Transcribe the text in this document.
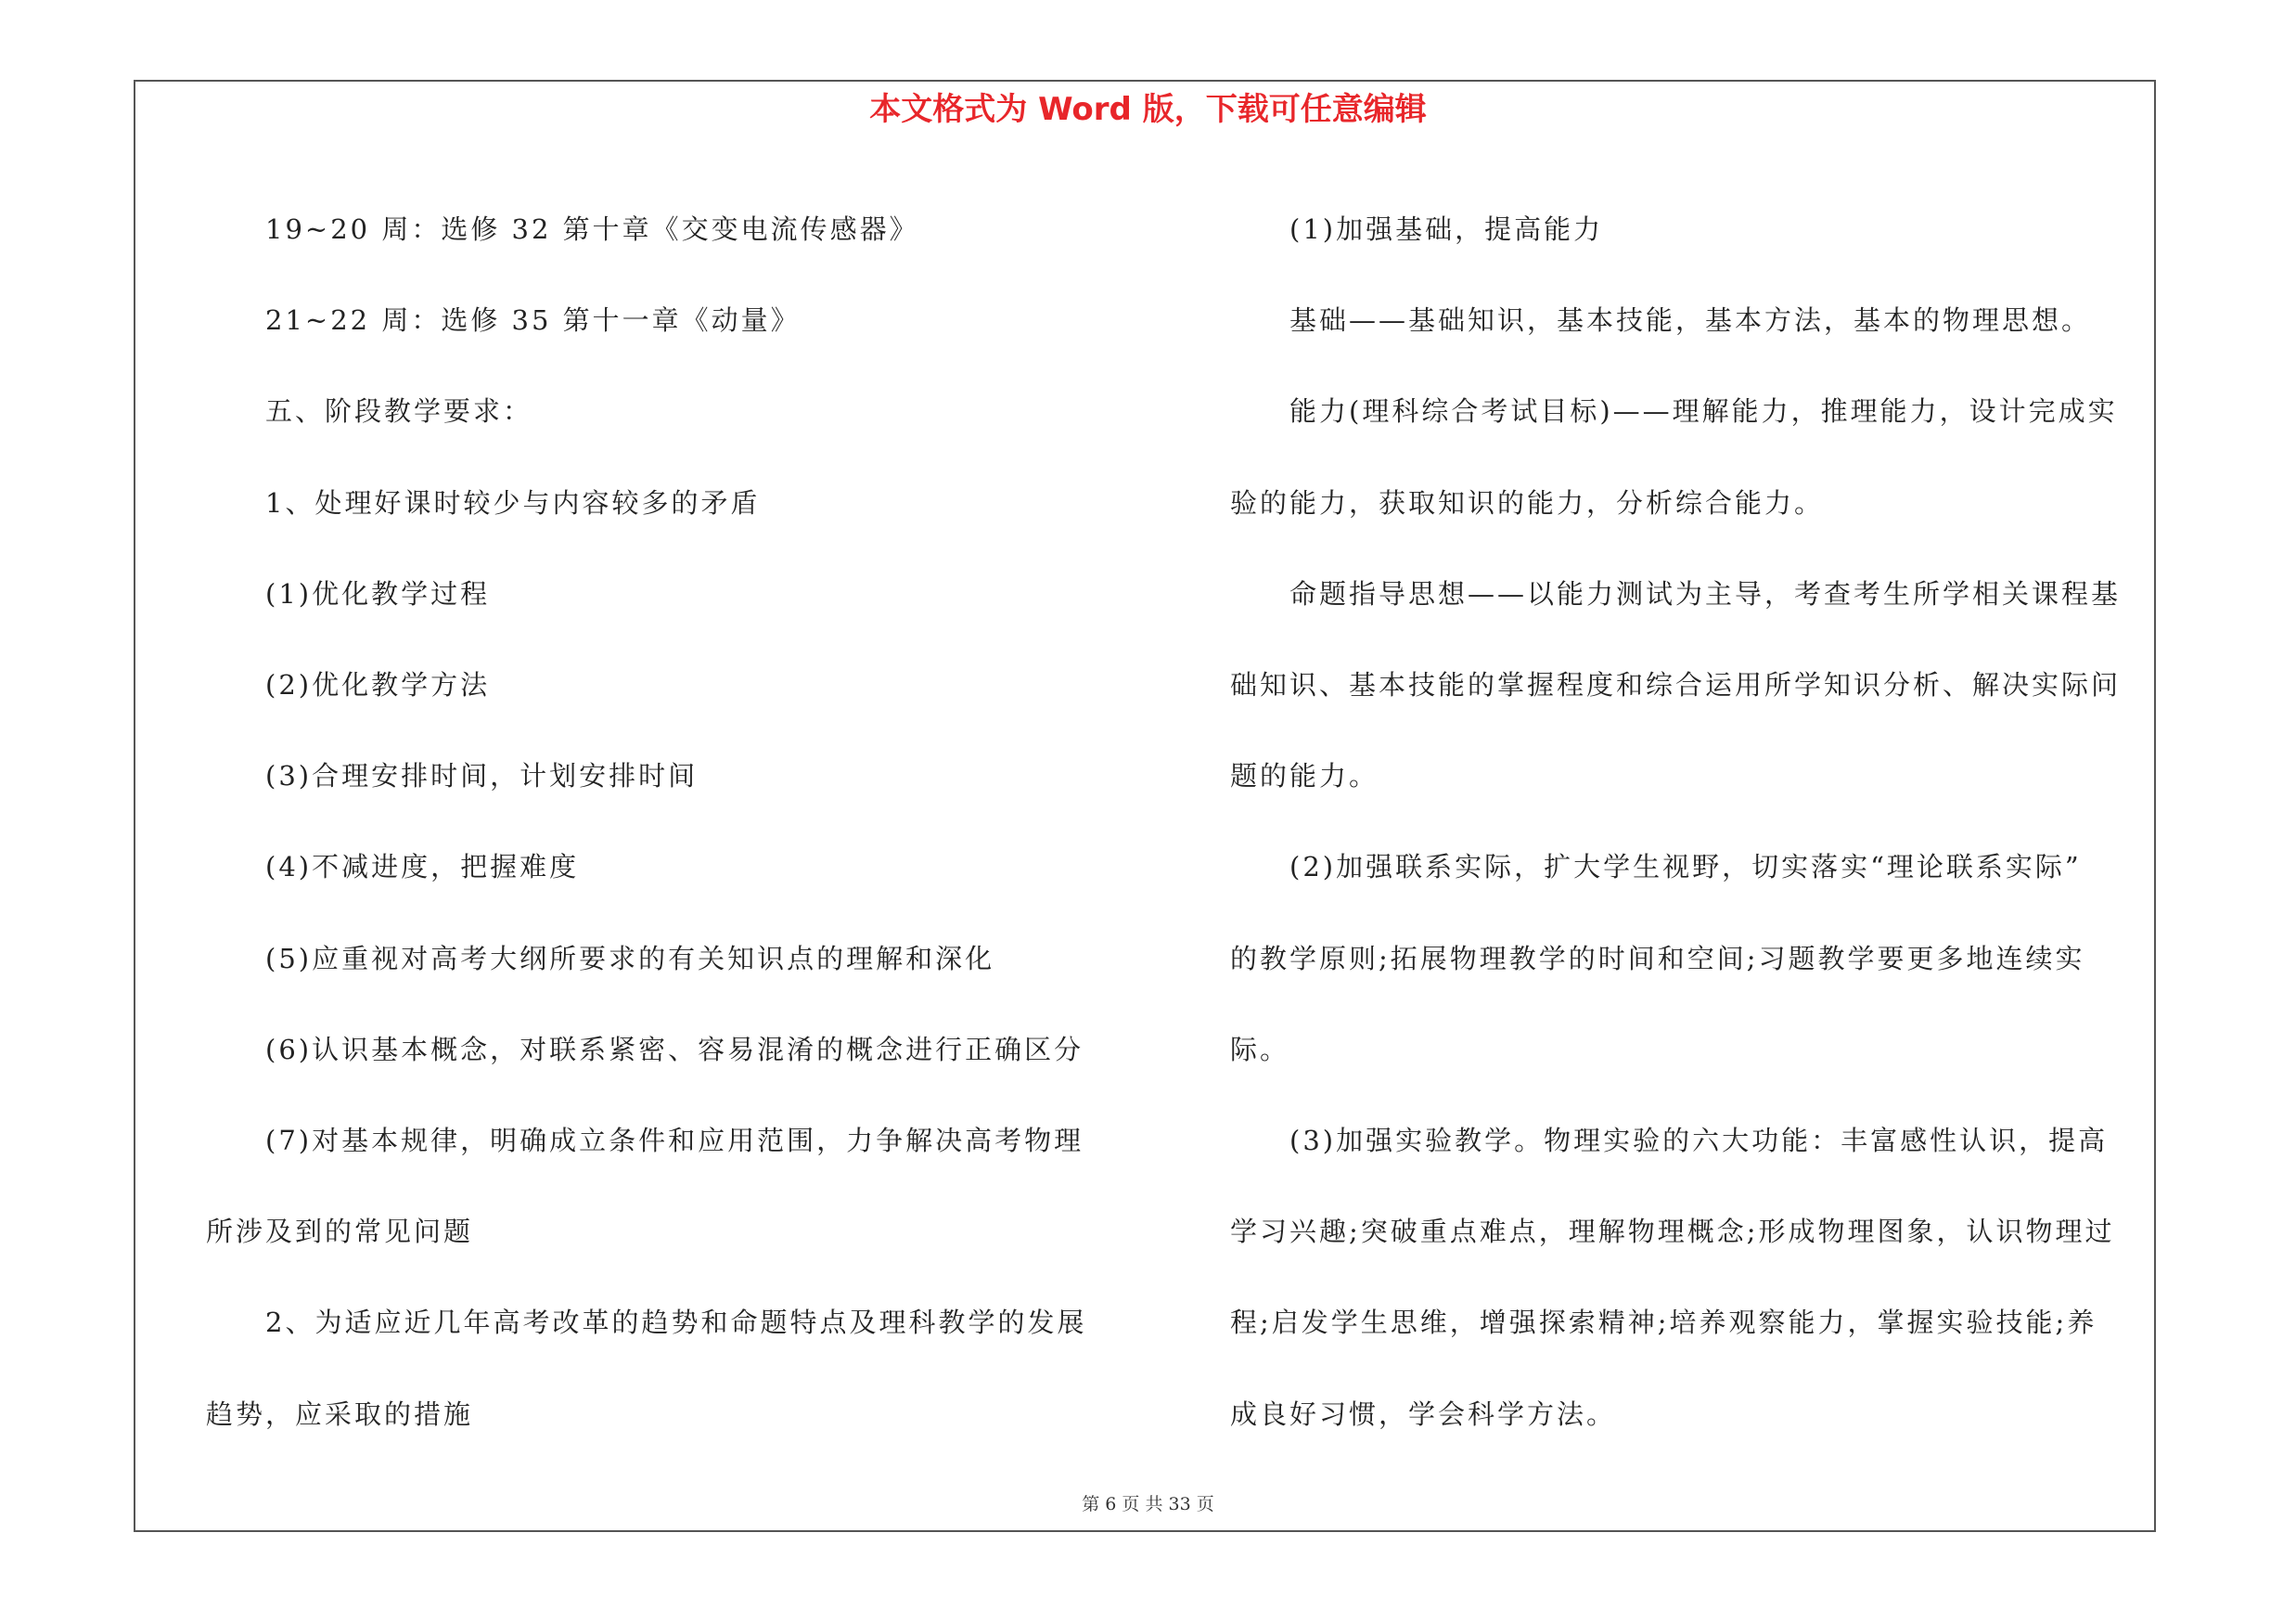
本文格式为 Word 版，下载可任意编辑
19~20 周：选修 32 第十章《交变电流传感器》
21~22 周：选修 35 第十一章《动量》
五、阶段教学要求：
1、处理好课时较少与内容较多的矛盾
(1)优化教学过程
(2)优化教学方法
(3)合理安排时间，计划安排时间
(4)不减进度，把握难度
(5)应重视对高考大纲所要求的有关知识点的理解和深化
(6)认识基本概念，对联系紧密、容易混淆的概念进行正确区分
(7)对基本规律，明确成立条件和应用范围，力争解决高考物理
所涉及到的常见问题
2、为适应近几年高考改革的趋势和命题特点及理科教学的发展
趋势，应采取的措施
(1)加强基础，提高能力
基础——基础知识，基本技能，基本方法，基本的物理思想。
能力(理科综合考试目标)——理解能力，推理能力，设计完成实
验的能力，获取知识的能力，分析综合能力。
命题指导思想——以能力测试为主导，考查考生所学相关课程基
础知识、基本技能的掌握程度和综合运用所学知识分析、解决实际问
题的能力。
(2)加强联系实际，扩大学生视野，切实落实“理论联系实际”
的教学原则;拓展物理教学的时间和空间;习题教学要更多地连续实
际。
(3)加强实验教学。物理实验的六大功能：丰富感性认识，提高
学习兴趣;突破重点难点，理解物理概念;形成物理图象，认识物理过
程;启发学生思维，增强探索精神;培养观察能力，掌握实验技能;养
成良好习惯，学会科学方法。
第 6 页 共 33 页
